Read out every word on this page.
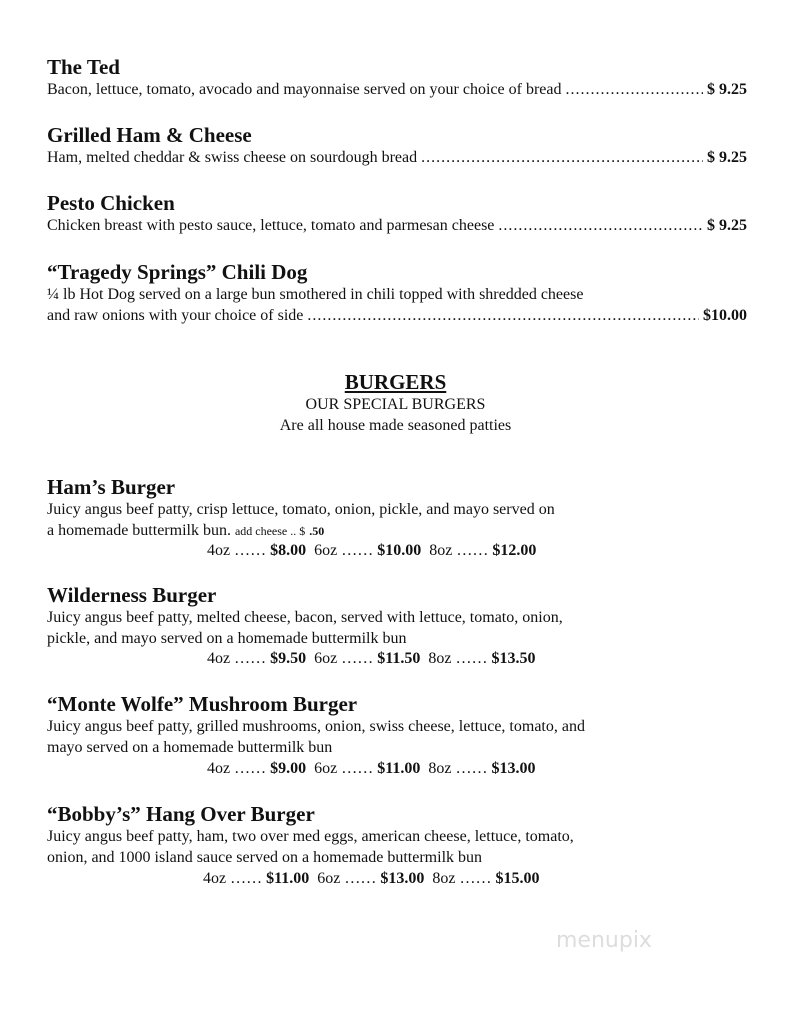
The Ted
Bacon, lettuce, tomato, avocado and mayonnaise served on your choice of bread .....	$ 9.25
Grilled Ham & Cheese
Ham, melted cheddar & swiss cheese on sourdough bread .....	$ 9.25
Pesto Chicken
Chicken breast with pesto sauce, lettuce, tomato and parmesan cheese .....	$ 9.25
“Tragedy Springs” Chili Dog
¼ lb Hot Dog served on a large bun smothered in chili topped with shredded cheese
and raw onions with your choice of side .....	$10.00
BURGERS
OUR SPECIAL BURGERS
Are all house made seasoned patties
Ham’s Burger
Juicy angus beef patty, crisp lettuce, tomato, onion, pickle, and mayo served on
a homemade buttermilk bun. add cheese .. $ .50
4oz …… $8.00 6oz …… $10.00 8oz …… $12.00
Wilderness Burger
Juicy angus beef patty, melted cheese, bacon, served with lettuce, tomato, onion,
pickle, and mayo served on a homemade buttermilk bun
4oz …… $9.50 6oz …… $11.50 8oz …… $13.50
“Monte Wolfe” Mushroom Burger
Juicy angus beef patty, grilled mushrooms, onion, swiss cheese, lettuce, tomato, and
mayo served on a homemade buttermilk bun
4oz …… $9.00 6oz …… $11.00 8oz …… $13.00
“Bobby’s” Hang Over Burger
Juicy angus beef patty, ham, two over med eggs, american cheese, lettuce, tomato,
onion, and 1000 island sauce served on a homemade buttermilk bun
4oz …… $11.00 6oz …… $13.00 8oz …… $15.00
menupix
